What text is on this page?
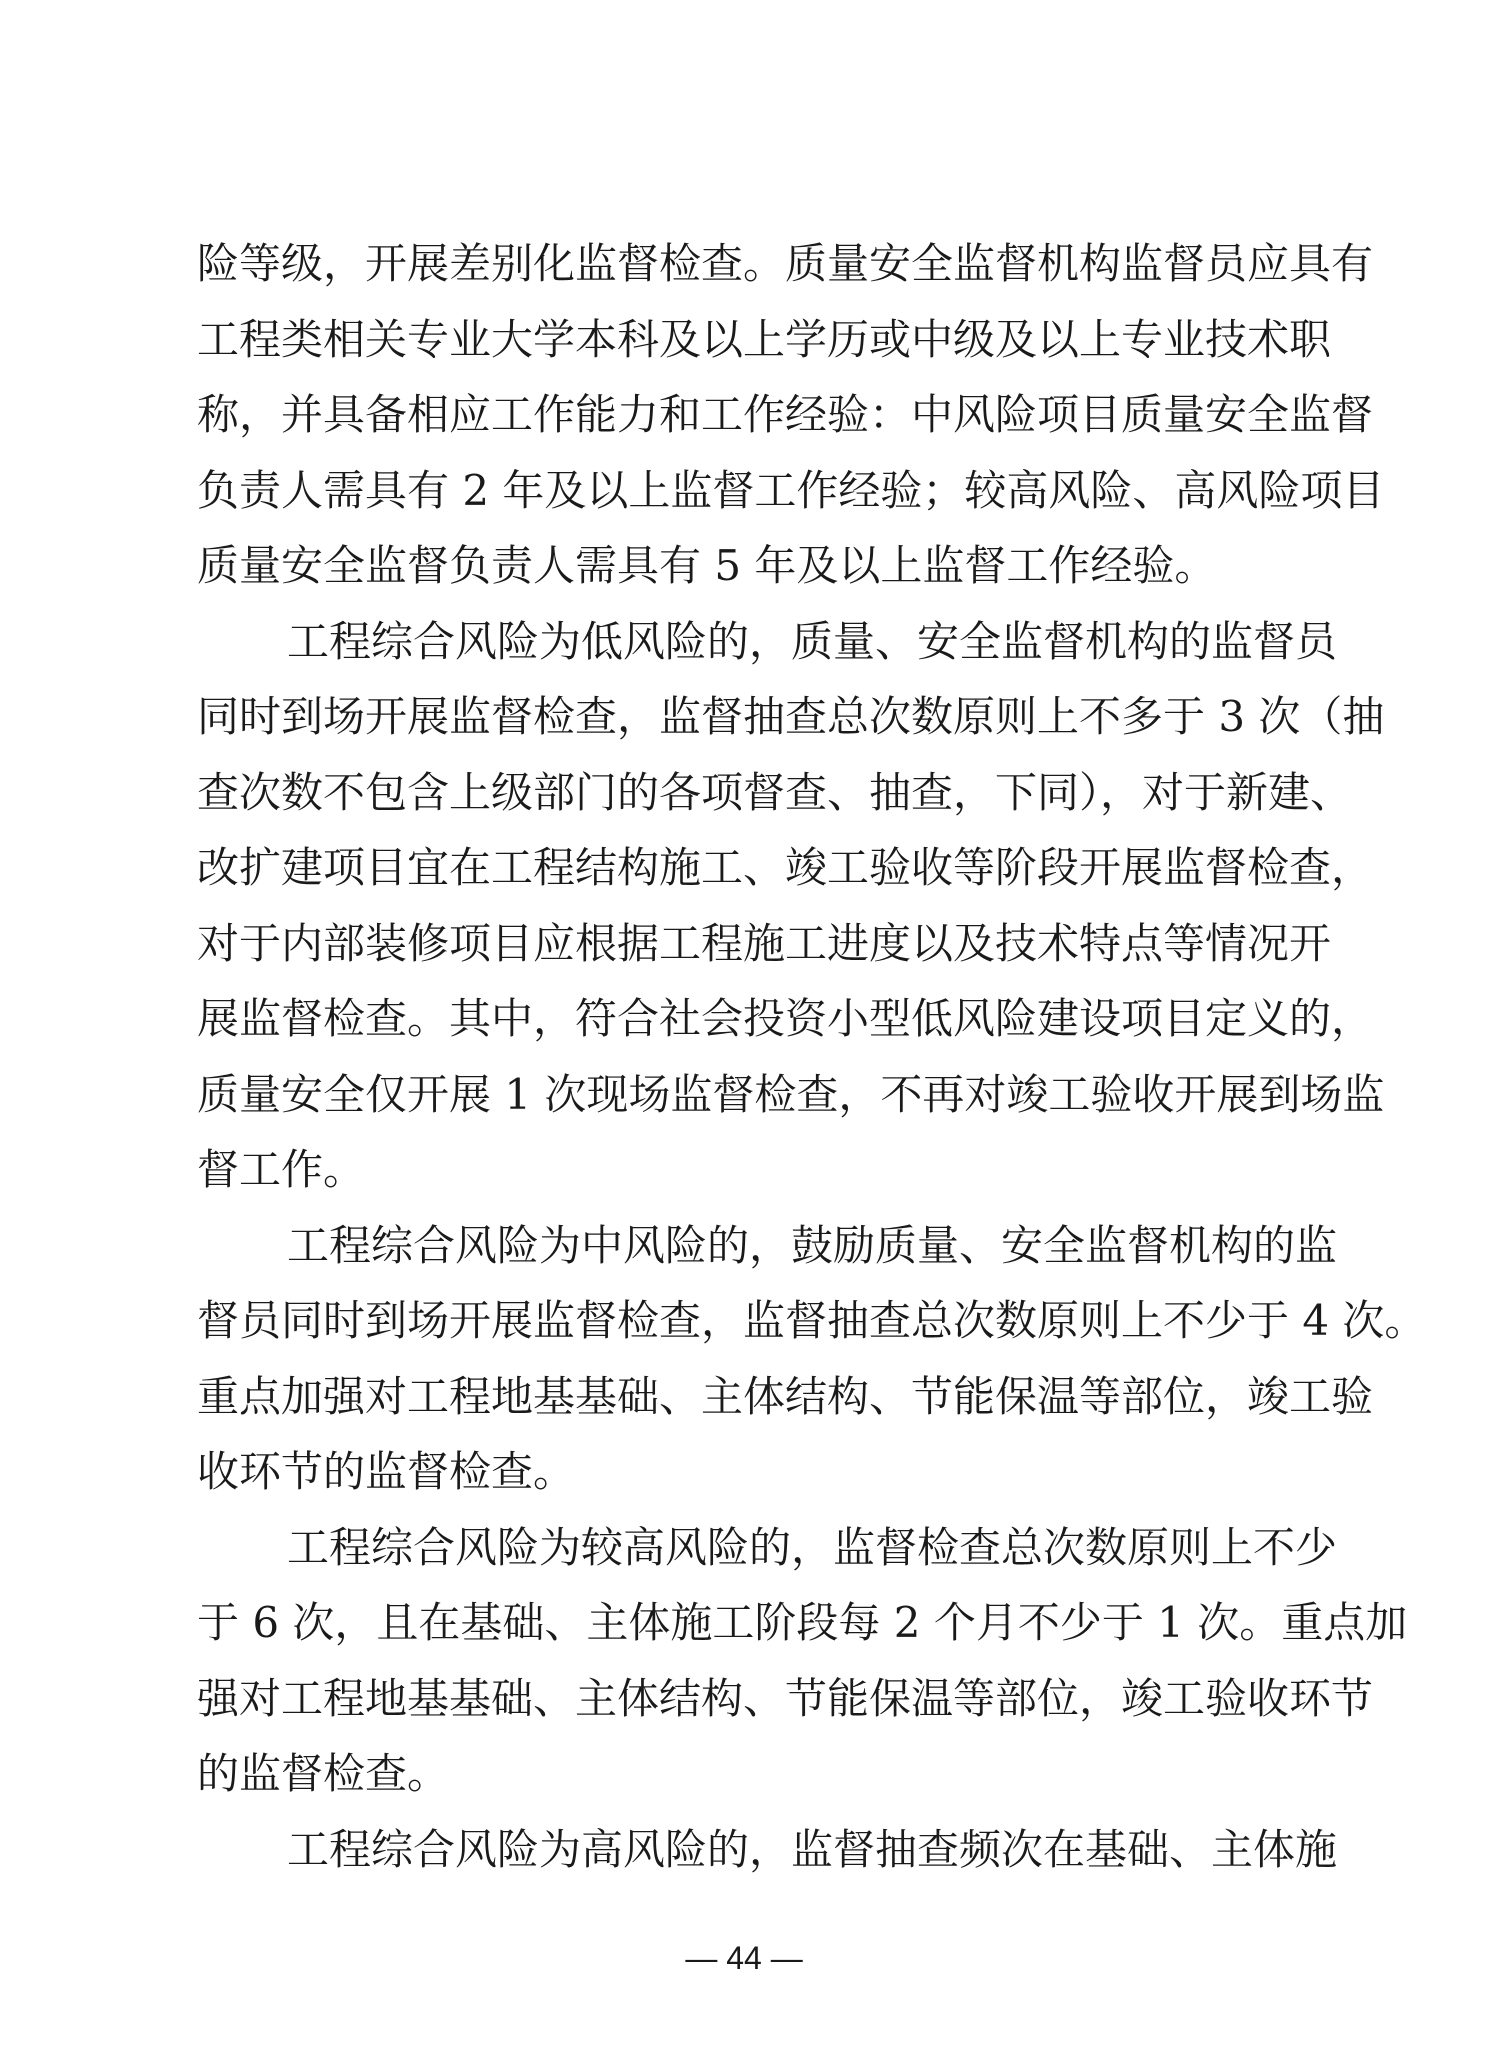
险等级，开展差别化监督检查。质量安全监督机构监督员应具有
工程类相关专业大学本科及以上学历或中级及以上专业技术职
称，并具备相应工作能力和工作经验：中风险项目质量安全监督
负责人需具有 2 年及以上监督工作经验；较高风险、高风险项目
质量安全监督负责人需具有 5 年及以上监督工作经验。
工程综合风险为低风险的，质量、安全监督机构的监督员
同时到场开展监督检查，监督抽查总次数原则上不多于 3 次（抽
查次数不包含上级部门的各项督查、抽查，下同），对于新建、
改扩建项目宜在工程结构施工、竣工验收等阶段开展监督检查，
对于内部装修项目应根据工程施工进度以及技术特点等情况开
展监督检查。其中，符合社会投资小型低风险建设项目定义的，
质量安全仅开展 1 次现场监督检查，不再对竣工验收开展到场监
督工作。
工程综合风险为中风险的，鼓励质量、安全监督机构的监
督员同时到场开展监督检查，监督抽查总次数原则上不少于 4 次。
重点加强对工程地基基础、主体结构、节能保温等部位，竣工验
收环节的监督检查。
工程综合风险为较高风险的，监督检查总次数原则上不少
于 6 次，且在基础、主体施工阶段每 2 个月不少于 1 次。重点加
强对工程地基基础、主体结构、节能保温等部位，竣工验收环节
的监督检查。
工程综合风险为高风险的，监督抽查频次在基础、主体施
— 44 —
